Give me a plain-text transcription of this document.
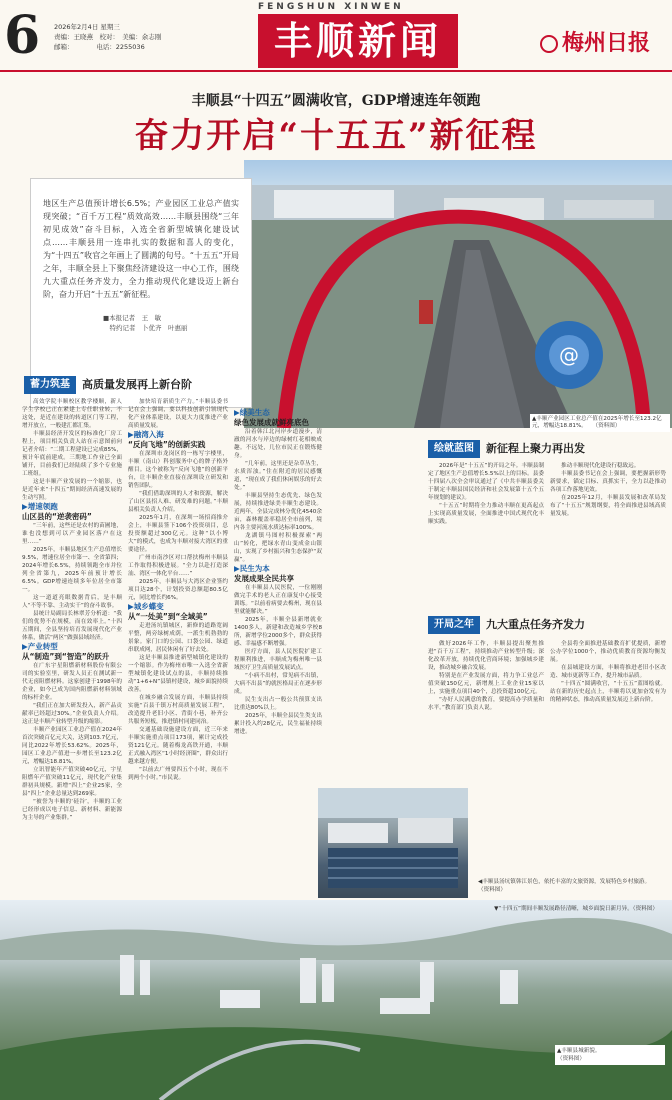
6	2026年2月4日 星期三
责编：王晓燕　校对：　美编：余志刚
邮箱：　　　　电话：2255036
FENGSHUN XINWEN
丰顺新闻	梅州日报
丰顺县“十四五”圆满收官，GDP增速连年领跑
奋力开启“十五五”新征程
@
▲丰顺产业园区工业总产值在2025年增长至123.2亿元，增幅达18.81%。　　（资料图）
地区生产总值预计增长6.5%；产业园区工业总产值实现突破；“百千万工程”质效高效……丰顺县围绕“三年初见成效”奋斗目标，入选全省新型城镇化建设试点……丰顺县用一连串扎实的数据和喜人的变化，为“十四五”收官之年画上了圆满的句号。“十五五”开局之年，丰顺全县上下聚焦经济建设这一中心工作，围绕九大重点任务齐发力，全力推动现代化建设迈上新台阶，奋力开启“十五五”新征程。
■本报记者　王　敏
　特约记者　卜优齐　叶惠丽
蓄力筑基	高质量发展再上新台阶

高效学院丰顺校区教学楼顺，新人学生学校已正在紧建上专任职业转，不这处，是近在建设的转道区门等工程，增开放立，一般建汇都汇集。

丰顺县经济开发区的标准化厂房工程上，项目相关负责人站在示意图前向记者介绍：“二期工程建设已完成85%，预计年底前建成。三期地工作业已全面铺开，目前我们已经陆续了多个专业施工班组。

这是丰顺产业发展的一个缩影，也是近年来“十四五”期间经济高速发展的生动写照。

▶增速领跑
山区县的“逆袭密码”

“三年前，这些还是农村的苗圃地，谁也没想到可以产业园区落户在这里……”

2025年，丰顺县地区生产总值增长9.5%，增速位居全市第一、全省第四；2024年增长6.5%，持续领跑全市并位列全省第九，2025年前预计增长6.5%。GDP增速连续多年位居全市第一。

这一道道亮眼数据背后，是丰顺人“不等不靠、主动实干”的奋斗故事。

县统计局副局长林翠芳分析道：“我们的优势不在规模，而在效率上。”十四五期间，全县坚持培育发展现代化产业体系，做活“两区”做强县域经济。

▶产业转型
从“制造”到“智造”的跃升

在广东宇星阻燃新材料股份有限公司的实验室里，研发人员正在测试新一代无卤阻燃材料。这家创建于1998年的企业，如今已成为国内阻燃新材料领域的标杆企业。

“我们正在加大研发投入，新产品贡献率已经超过30%。”企业负责人介绍。这正是丰顺产业转型升级的缩影。

丰顺产业园区工业总产值在2024年首次突破百亿元大关，达到103.7亿元，同比2022年增长53.62%。2025年，园区工业总产值进一步增长至123.2亿元，增幅达18.81%。

立讯智能年产值突破40亿元，宇星阻燃年产值突破11亿元，现代化产业集群初具规模。新增“四上”企业25家，全县“四上”企业总量达到269家。

“被誉为丰顺的‘硅谷’，丰顺的工业已经形成以电子信息、新材料、新能源为主导的产业集群。”

加快培育新质生产力。”丰顺县委书记在会上强调，要以科技创新引领现代化产业体系建设，以更大力度推进产业高质量发展。

▶融湾入海
“反向飞地”的创新实践

在深圳市龙岗区的一栋写字楼里，丰顺（南山）科创服务中心的牌子格外醒目。这个被称为“反向飞地”的创新平台，让丰顺企业直接在深圳设立研发和销售团队。

“我们借助深圳的人才和资源，解决了山区县招人难、研发难的问题。”丰顺县相关负责人介绍。

2025年1月，在深圳一场招商推介会上，丰顺县签下106个投资项目，总投资额超过300亿元。这种“以小博大”的模式，也成为丰顺对接大湾区的重要途径。

广州市南沙区对口帮扶梅州丰顺县工作取得积极进展。“全力以赴打造深汕、湾区一体化平台……”

2025年，丰顺县与大湾区企业签约项目达28个，计划投资总额超80.5亿元，同比增长约6%。

▶城乡蝶变
从“一处美”到“全域美”

走进汤坑镇城区，新修的道路宽阔平整，两旁绿树成荫，一派生机勃勃的景象。家门口的公园、口袋公园、绿道串联成网，居民休闲有了好去处。

这是丰顺县推进新型城镇化建设的一个缩影。作为梅州市唯一入选全省新型城镇化建设试点的县，丰顺持续推动“1+6+N”县镇村建设，城乡面貌持续改善。

在城乡融合发展方面，丰顺县持续实施“百县千镇万村高质量发展工程”，改造提升老旧小区、背街小巷，补齐公共服务短板，推进镇村同建同治。

交通基础设施建设方面，近三年来丰顺实施重点项目173项，累计完成投资121亿元。随着梅龙高铁开通，丰顺正式融入湾区“1小时经济圈”，群众出行越来越方便。

“以前去广州要四五个小时，现在不到两个小时。”市民说。

▶绿美生态
绿色发展成就鲜亮底色

沿着韩江北河岸步道漫步，清澈的河水与岸边的绿树红花相映成趣。不远处，几位市民正在锻炼健身。

“几年前，这里还是杂草丛生，水质浑浊。”住在附近的居民感慨道，“现在成了我们休闲娱乐的好去处。”

丰顺县坚持生态优先、绿色发展，持续推进绿美丰顺生态建设。近两年，全县完成林分优化4540余亩，森林覆盖率稳居全市前列，境内各主要河流水质达标率100%。

龙湖镇马图村积极探索“两山”转化，把绿水青山变成金山银山，实现了乡村振兴和生态保护“双赢”。

▶民生为本
发展成果全民共享

在丰顺县人民医院，一位刚刚做完手术的老人正在康复中心接受训练。“以前看病要去梅州，现在县里就能解决。”

2025年，丰顺全县新增就业1400多人，新建和改造城乡学校8所，新增学位2000多个，群众获得感、幸福感不断增强。

医疗方面，县人民医院扩建工程顺利推进，丰顺成为梅州唯一县域医疗卫生高质量发展试点。

“小病不出村，常见病不出镇，大病不出县”的就医格局正在逐步形成。

民生支出占一般公共预算支出比重达80%以上。

2025年，丰顺全县民生类支出累计投入约28亿元，民生福祉持续增进。

绘就蓝图	新征程上聚力再出发

2026年是“十五五”的开局之年。丰顺县制定了地区生产总值增长5.5%以上的目标。县委十四届八次全会审议通过了《中共丰顺县委关于制定丰顺县国民经济和社会发展第十五个五年规划的建议》。

“十五五”时期将全力推动丰顺在更高起点上实现高质量发展，全面推进中国式现代化丰顺实践。

推动丰顺现代化建设行稳致远。

丰顺县委书记在会上强调，要把握新形势新要求，锚定目标、真抓实干，全力以赴推动各项工作落地见效。

在2025年12月，丰顺县发展和改革局发布了“十五五”规划纲要，将全面推进县域高质量发展。

开局之年	九大重点任务齐发力

做好2026年工作，丰顺县提出聚焦推进“百千万工程”，持续推动产业转型升级；深化改革开放，持续优化营商环境；加强城乡建设，推动城乡融合发展。

特别是在产业发展方面，将力争工业总产值突破150亿元，新增规上工业企业15家以上，实施重点项目40个，总投资超100亿元。

“办好人民满意的教育，要提高办学质量和水平。”教育部门负责人说。

全县将全面推进基础教育扩优提质，新增公办学位1000个，推动优质教育资源均衡发展。

在县城建设方面，丰顺将推进老旧小区改造、城市更新等工作，提升城市品质。

“十四五”圆满收官，“十五五”蓝图绘就。站在新的历史起点上，丰顺将以更加奋发有为的精神状态，推动高质量发展迈上新台阶。

◀丰顺县汤坑镇韩江景色，依托丰富的文旅资源，发展特色乡村旅游。　（资料图）
▼“十四五”期间丰顺发展路径清晰，城乡面貌日新月异。（资料图）
▲丰顺县城新貌。
（资料图）
